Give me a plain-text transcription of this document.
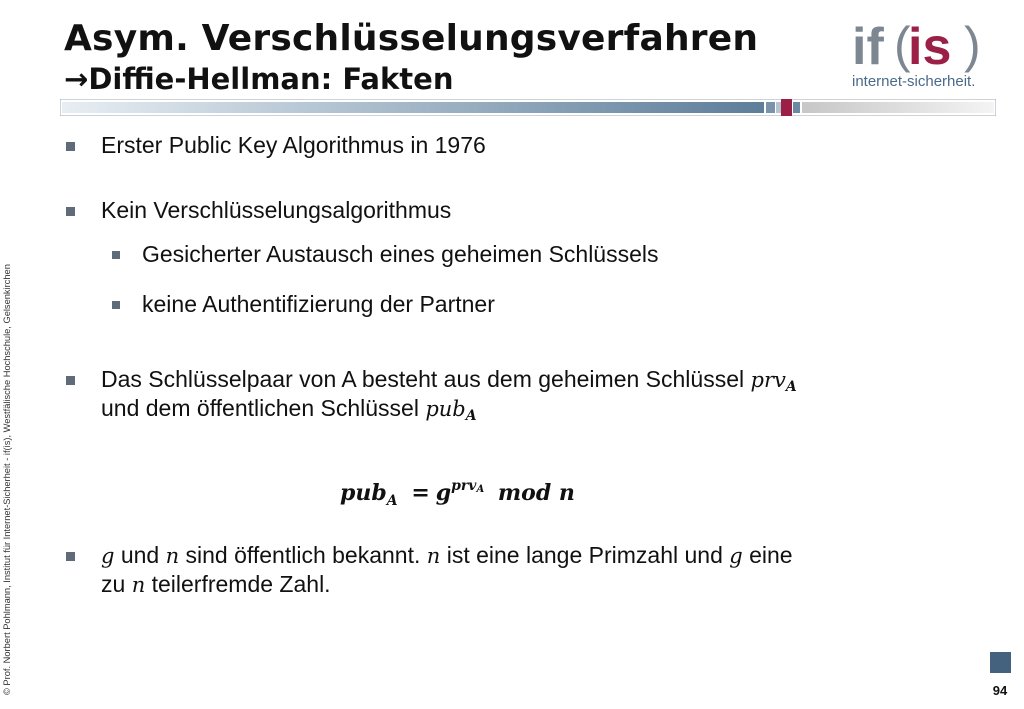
Asym. Verschlüsselungsverfahren
→Diffie-Hellman: Fakten
if (
is )
internet-sicherheit.
© Prof. Norbert Pohlmann, Institut für Internet-Sicherheit - if(is), Westfälische Hochschule, Gelsenkirchen
Erster Public Key Algorithmus in 1976
Kein Verschlüsselungsalgorithmus
Gesicherter Austausch eines geheimen Schlüssels
keine Authentifizierung der Partner
Das Schlüsselpaar von A besteht aus dem geheimen Schlüssel prv$_A$
und dem öffentlichen Schlüssel pub$_A$
$pub_A = g^{prv_A}$ mod n
g und n sind öffentlich bekannt. n ist eine lange Primzahl und g eine
zu n teilerfremde Zahl.
94
